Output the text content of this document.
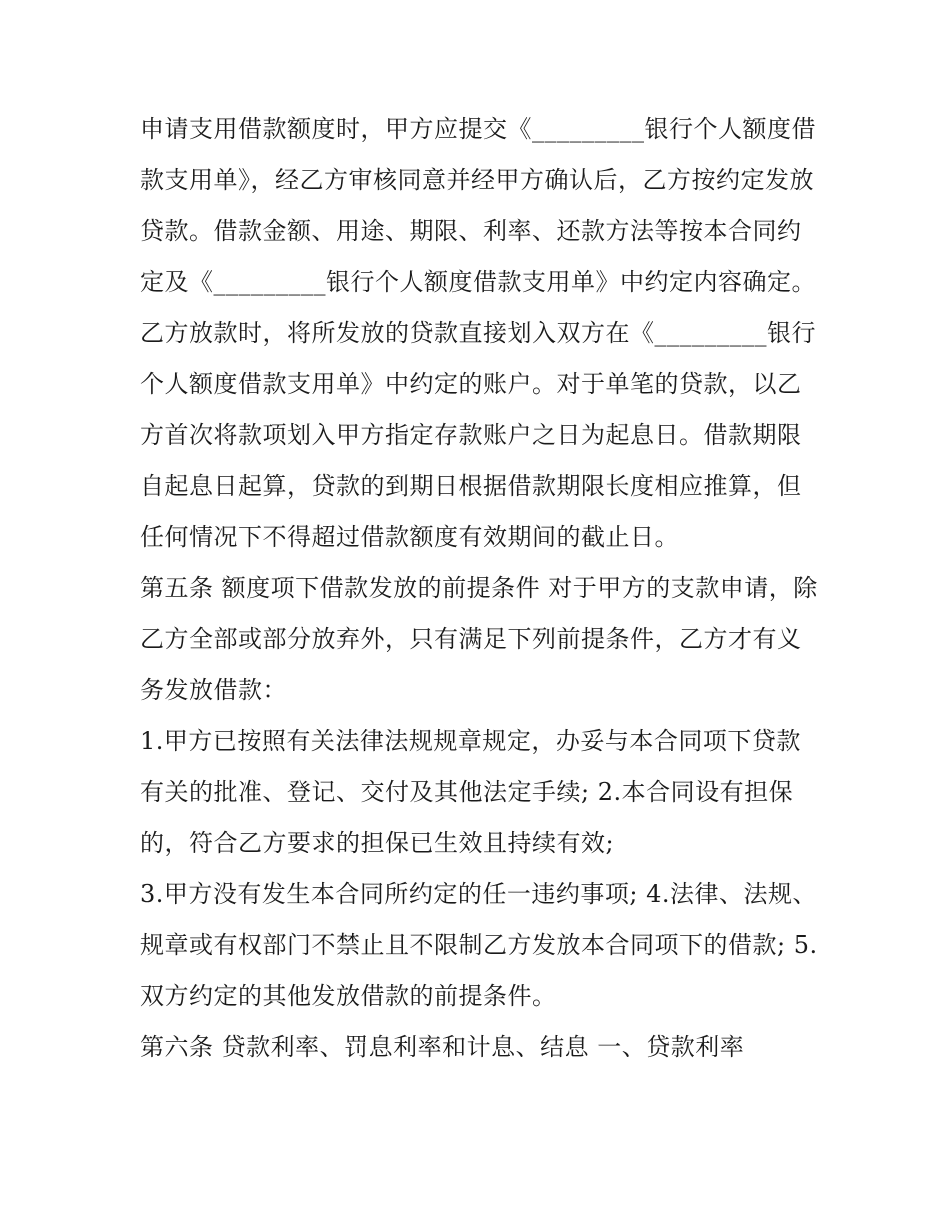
申请支用借款额度时，甲方应提交《_________银行个人额度借款支用单》，经乙方审核同意并经甲方确认后，乙方按约定发放贷款。借款金额、用途、期限、利率、还款方法等按本合同约定及《_________银行个人额度借款支用单》中约定内容确定。

乙方放款时，将所发放的贷款直接划入双方在《_________银行个人额度借款支用单》中约定的账户。对于单笔的贷款，以乙方首次将款项划入甲方指定存款账户之日为起息日。借款期限自起息日起算，贷款的到期日根据借款期限长度相应推算，但任何情况下不得超过借款额度有效期间的截止日。

第五条 额度项下借款发放的前提条件 对于甲方的支款申请，除乙方全部或部分放弃外，只有满足下列前提条件，乙方才有义务发放借款：

1.甲方已按照有关法律法规规章规定，办妥与本合同项下贷款有关的批准、登记、交付及其他法定手续; 2.本合同设有担保的，符合乙方要求的担保已生效且持续有效;

3.甲方没有发生本合同所约定的任一违约事项; 4.法律、法规、规章或有权部门不禁止且不限制乙方发放本合同项下的借款; 5.双方约定的其他发放借款的前提条件。

第六条 贷款利率、罚息利率和计息、结息 一、贷款利率
